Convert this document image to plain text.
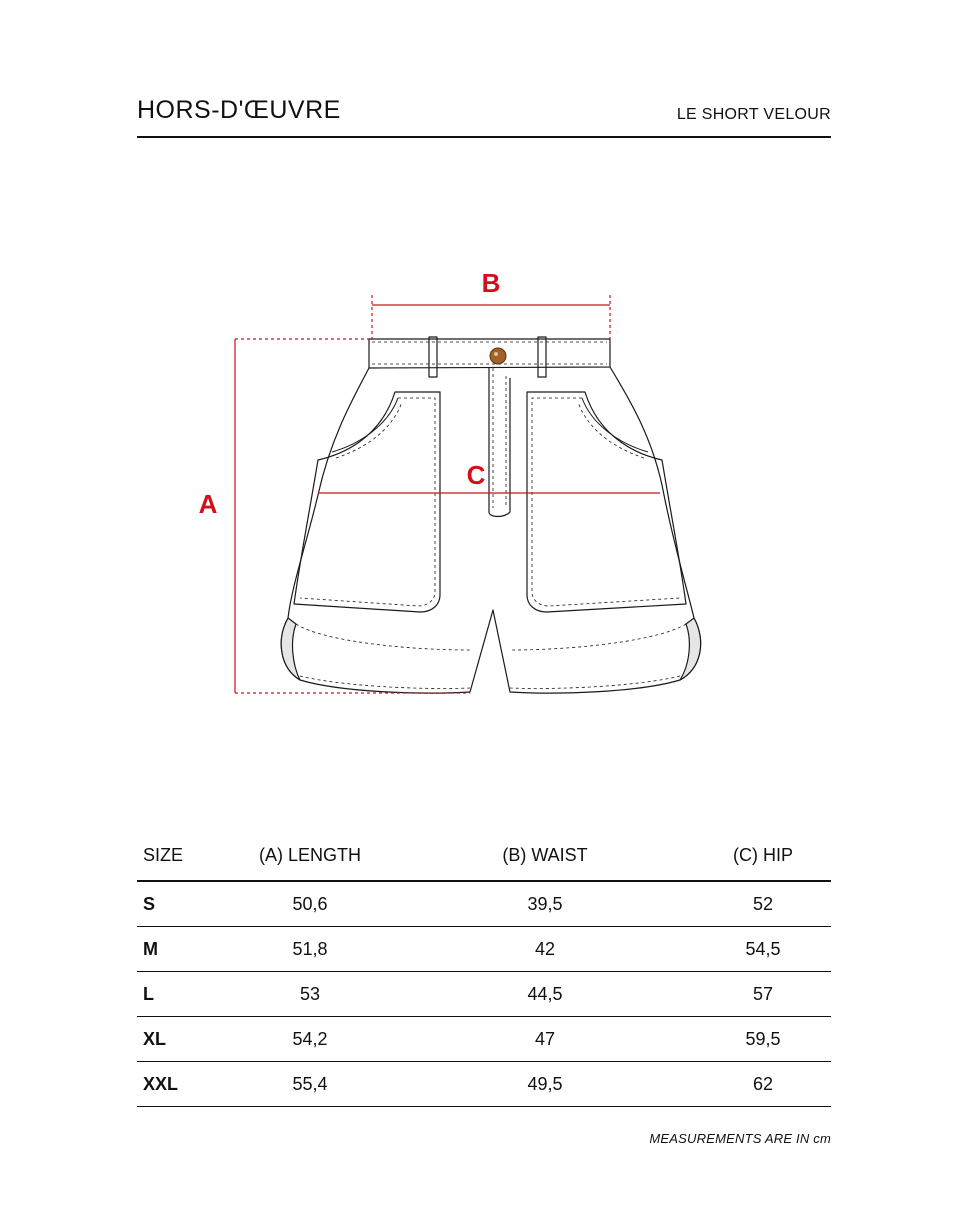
HORS-D'ŒUVRE	LE SHORT VELOUR
B
A
C
SIZE	(A) LENGTH	(B) WAIST	(C) HIP
S	50,6	39,5	52
M	51,8	42	54,5
L	53	44,5	57
XL	54,2	47	59,5
XXL	55,4	49,5	62
MEASUREMENTS ARE IN cm
